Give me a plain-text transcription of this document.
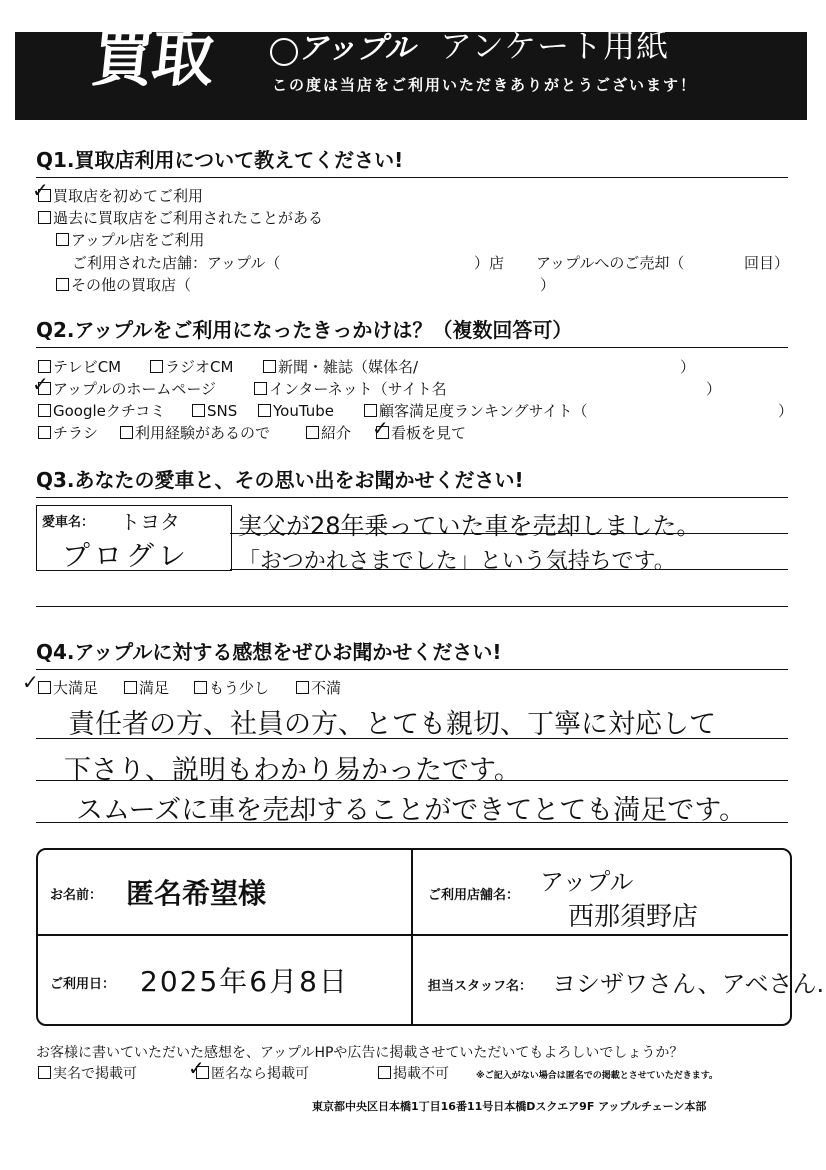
買取	アップル アンケート用紙
この度は当店をご利用いただきありがとうございます！
Q1.買取店利用について教えてください!
✓ 買取店を初めてご利用
過去に買取店をご利用されたことがある
アップル店をご利用
ご利用された店舗：アップル（	）店 アップルへのご売却（	回目）
その他の買取店（	）
Q2.アップルをご利用になったきっかけは？（複数回答可）
テレビCM	ラジオCM	新聞・雑誌（媒体名/	）
✓ アップルのホームページ	インターネット（サイト名	）
Googleクチコミ	SNS	YouTube	顧客満足度ランキングサイト（	）
チラシ	利用経験があるので	紹介 ✓ 看板を見て
Q3.あなたの愛車と、その思い出をお聞かせください!
愛車名： トヨタ
プログレ
実父が28年乗っていた車を売却しました。
「おつかれさまでした」という気持ちです。
Q4.アップルに対する感想をぜひお聞かせください!
✓ 大満足	満足	もう少し	不満
責任者の方、社員の方、とても親切、丁寧に対応して
下さり、説明もわかり易かったです。
スムーズに車を売却することができてとても満足です。
お名前： 匿名希望様	ご利用店舗名： アップル
西那須野店
ご利用日： 2025年6月8日	担当スタッフ名： ヨシザワさん、アベさん.
お客様に書いていただいた感想を、アップルHPや広告に掲載させていただいてもよろしいでしょうか？
実名で掲載可	✓ 匿名なら掲載可	掲載不可	※ご記入がない場合は匿名での掲載とさせていただきます。
東京都中央区日本橋1丁目16番11号日本橋Dスクエア9F アップルチェーン本部
